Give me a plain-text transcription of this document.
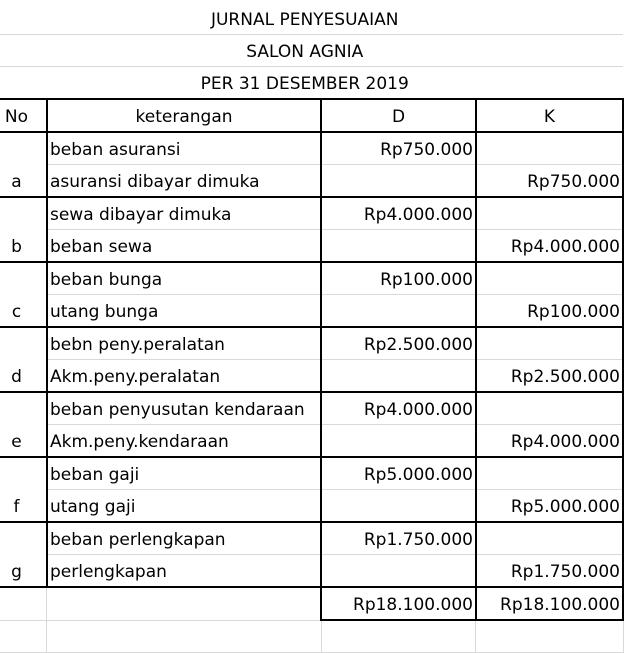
JURNAL PENYESUAIAN			
SALON AGNIA			
PER 31 DESEMBER 2019			
No	keterangan	D	K
a	beban asuransi	Rp750.000	
	asuransi dibayar dimuka		Rp750.000
b	sewa dibayar dimuka	Rp4.000.000	
	beban sewa		Rp4.000.000
c	beban bunga	Rp100.000	
	utang bunga		Rp100.000
d	bebn peny.peralatan	Rp2.500.000	
	Akm.peny.peralatan		Rp2.500.000
e	beban penyusutan kendaraan	Rp4.000.000	
	Akm.peny.kendaraan		Rp4.000.000
f	beban gaji	Rp5.000.000	
	utang gaji		Rp5.000.000
g	beban perlengkapan	Rp1.750.000	
	perlengkapan		Rp1.750.000
		Rp18.100.000	Rp18.100.000
